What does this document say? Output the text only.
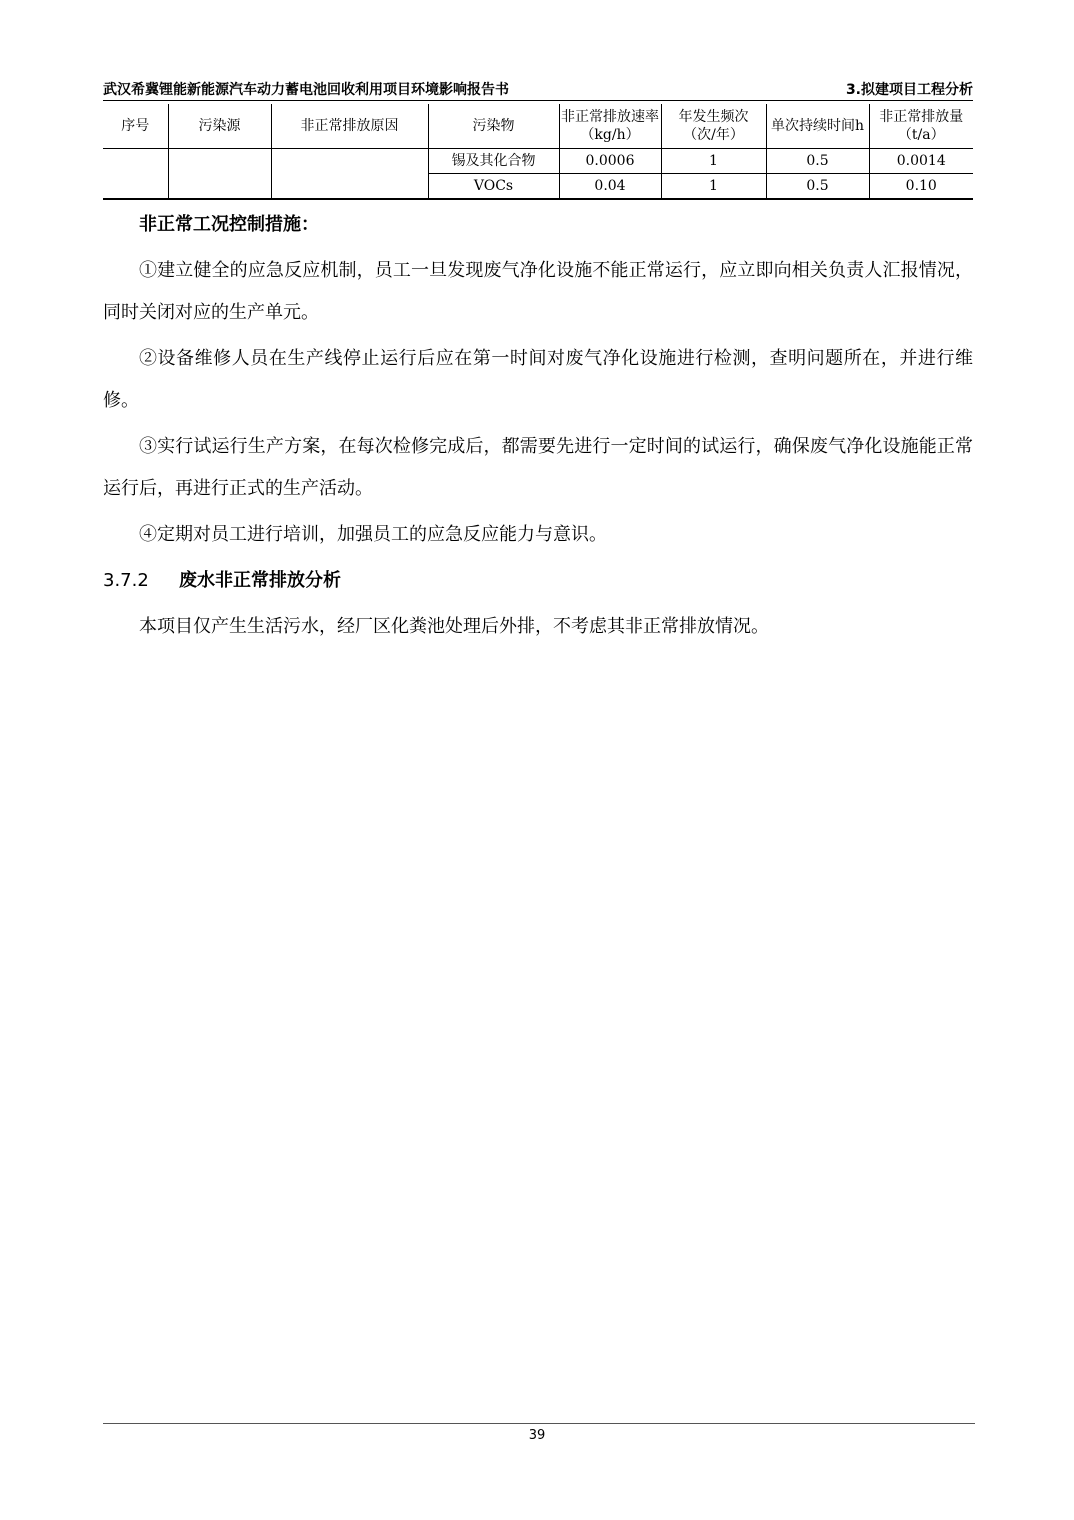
武汉希冀锂能新能源汽车动力蓄电池回收利用项目环境影响报告书	3.拟建项目工程分析
序号	污染源	非正常排放原因	污染物	非正常排放速率（kg/h）	年发生频次（次/年）	单次持续时间h	非正常排放量（t/a）
			锡及其化合物	0.0006	1	0.5	0.0014
			VOCs	0.04	1	0.5	0.10

非正常工况控制措施：

①建立健全的应急反应机制，员工一旦发现废气净化设施不能正常运行，应立即向相关负责人汇报情况，同时关闭对应的生产单元。

②设备维修人员在生产线停止运行后应在第一时间对废气净化设施进行检测，查明问题所在，并进行维修。

③实行试运行生产方案，在每次检修完成后，都需要先进行一定时间的试运行，确保废气净化设施能正常运行后，再进行正式的生产活动。

④定期对员工进行培训，加强员工的应急反应能力与意识。

3.7.2 废水非正常排放分析

本项目仅产生生活污水，经厂区化粪池处理后外排，不考虑其非正常排放情况。

39
